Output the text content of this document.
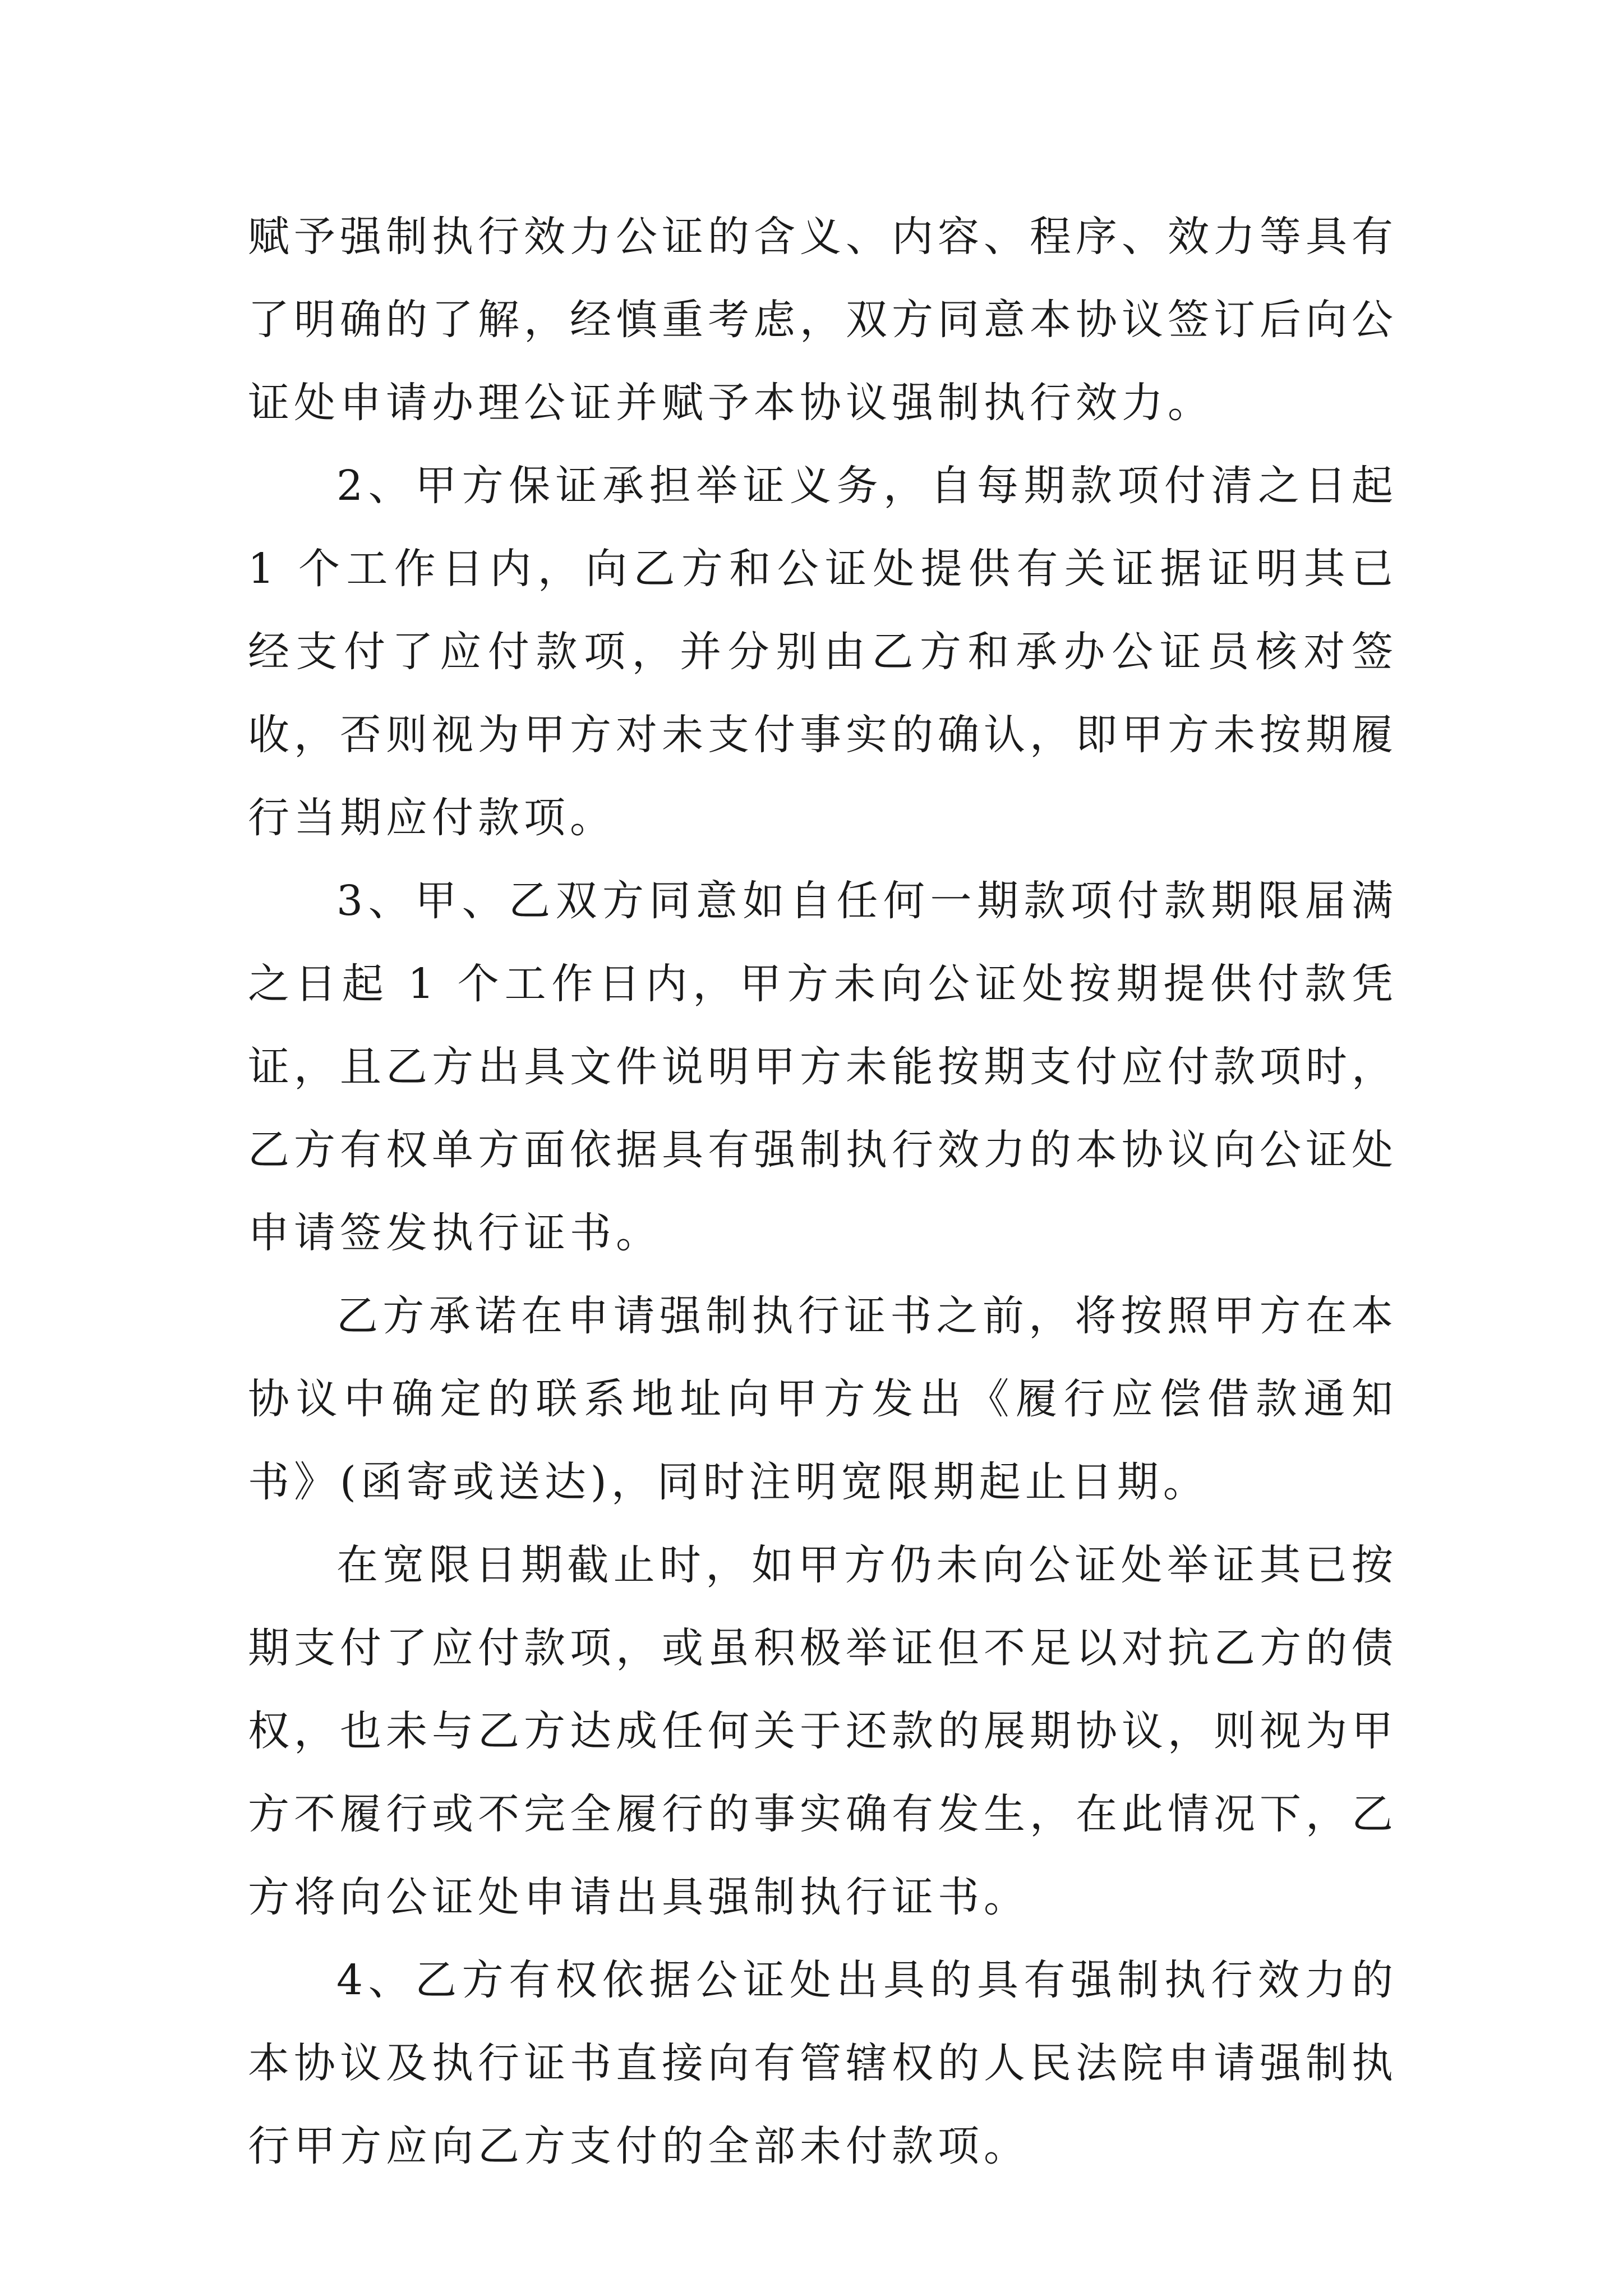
赋予强制执行效力公证的含义、内容、程序、效力等具有了明确的了解，经慎重考虑，双方同意本协议签订后向公证处申请办理公证并赋予本协议强制执行效力。

2、甲方保证承担举证义务，自每期款项付清之日起 1 个工作日内，向乙方和公证处提供有关证据证明其已经支付了应付款项，并分别由乙方和承办公证员核对签收，否则视为甲方对未支付事实的确认，即甲方未按期履行当期应付款项。

3、甲、乙双方同意如自任何一期款项付款期限届满之日起 1 个工作日内，甲方未向公证处按期提供付款凭证，且乙方出具文件说明甲方未能按期支付应付款项时，乙方有权单方面依据具有强制执行效力的本协议向公证处申请签发执行证书。

乙方承诺在申请强制执行证书之前，将按照甲方在本协议中确定的联系地址向甲方发出《履行应偿借款通知书》(函寄或送达)，同时注明宽限期起止日期。

在宽限日期截止时，如甲方仍未向公证处举证其已按期支付了应付款项，或虽积极举证但不足以对抗乙方的债权，也未与乙方达成任何关于还款的展期协议，则视为甲方不履行或不完全履行的事实确有发生，在此情况下，乙方将向公证处申请出具强制执行证书。

4、乙方有权依据公证处出具的具有强制执行效力的本协议及执行证书直接向有管辖权的人民法院申请强制执行甲方应向乙方支付的全部未付款项。
